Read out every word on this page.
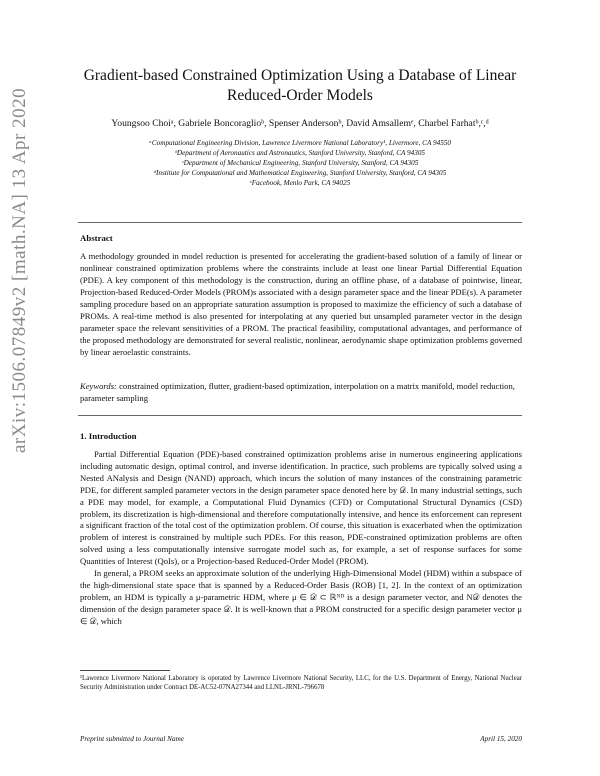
arXiv:1506.07849v2 [math.NA] 13 Apr 2020
Gradient-based Constrained Optimization Using a Database of Linear Reduced-Order Models
Youngsoo Choiᵃ, Gabriele Boncoraglioᵇ, Spenser Andersonᵇ, David Amsallemᵉ, Charbel Farhatᵇ,ᶜ,ᵈ
ᵃComputational Engineering Division, Lawrence Livermore National Laboratory¹, Livermore, CA 94550
ᵇDepartment of Aeronautics and Astronautics, Stanford University, Stanford, CA 94305
ᶜDepartment of Mechanical Engineering, Stanford University, Stanford, CA 94305
ᵈInstitute for Computational and Mathematical Engineering, Stanford University, Stanford, CA 94305
ᵉFacebook, Menlo Park, CA 94025
Abstract
A methodology grounded in model reduction is presented for accelerating the gradient-based solution of a family of linear or nonlinear constrained optimization problems where the constraints include at least one linear Partial Differential Equation (PDE). A key component of this methodology is the construction, during an offline phase, of a database of pointwise, linear, Projection-based Reduced-Order Models (PROM)s associated with a design parameter space and the linear PDE(s). A parameter sampling procedure based on an appropriate saturation assumption is proposed to maximize the efficiency of such a database of PROMs. A real-time method is also presented for interpolating at any queried but unsampled parameter vector in the design parameter space the relevant sensitivities of a PROM. The practical feasibility, computational advantages, and performance of the proposed methodology are demonstrated for several realistic, nonlinear, aerodynamic shape optimization problems governed by linear aeroelastic constraints.
Keywords: constrained optimization, flutter, gradient-based optimization, interpolation on a matrix manifold, model reduction, parameter sampling
1. Introduction
Partial Differential Equation (PDE)-based constrained optimization problems arise in numerous engineering applications including automatic design, optimal control, and inverse identification. In practice, such problems are typically solved using a Nested ANalysis and Design (NAND) approach, which incurs the solution of many instances of the constraining parametric PDE, for different sampled parameter vectors in the design parameter space denoted here by 𝒟. In many industrial settings, such a PDE may model, for example, a Computational Fluid Dynamics (CFD) or Computational Structural Dynamics (CSD) problem, its discretization is high-dimensional and therefore computationally intensive, and hence its enforcement can represent a significant fraction of the total cost of the optimization problem. Of course, this situation is exacerbated when the optimization problem of interest is constrained by multiple such PDEs. For this reason, PDE-constrained optimization problems are often solved using a less computationally intensive surrogate model such as, for example, a set of response surfaces for some Quantities of Interest (QoIs), or a Projection-based Reduced-Order Model (PROM).
In general, a PROM seeks an approximate solution of the underlying High-Dimensional Model (HDM) within a subspace of the high-dimensional state space that is spanned by a Reduced-Order Basis (ROB) [1, 2]. In the context of an optimization problem, an HDM is typically a μ-parametric HDM, where μ ∈ 𝒟 ⊂ ℝᴺᴰ is a design parameter vector, and N𝒟 denotes the dimension of the design parameter space 𝒟. It is well-known that a PROM constructed for a specific design parameter vector μ ∈ 𝒟, which
¹Lawrence Livermore National Laboratory is operated by Lawrence Livermore National Security, LLC, for the U.S. Department of Energy, National Nuclear Security Administration under Contract DE-AC52-07NA27344 and LLNL-JRNL-796678
Preprint submitted to Journal Name	April 15, 2020
